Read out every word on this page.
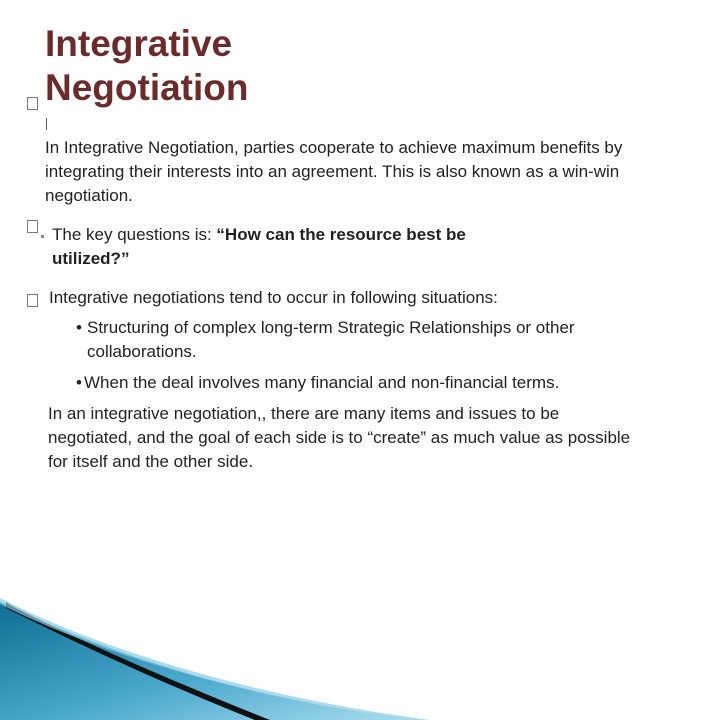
Integrative
Negotiation

In Integrative Negotiation, parties cooperate to achieve maximum benefits by integrating their interests into an agreement. This is also known as a win-win negotiation.

The key questions is: “How can the resource best be utilized?”

Integrative negotiations tend to occur in following situations:

• Structuring of complex long-term Strategic Relationships or other collaborations.

• When the deal involves many financial and non-financial terms.

In an integrative negotiation,, there are many items and issues to be negotiated, and the goal of each side is to “create” as much value as possible for itself and the other side.
